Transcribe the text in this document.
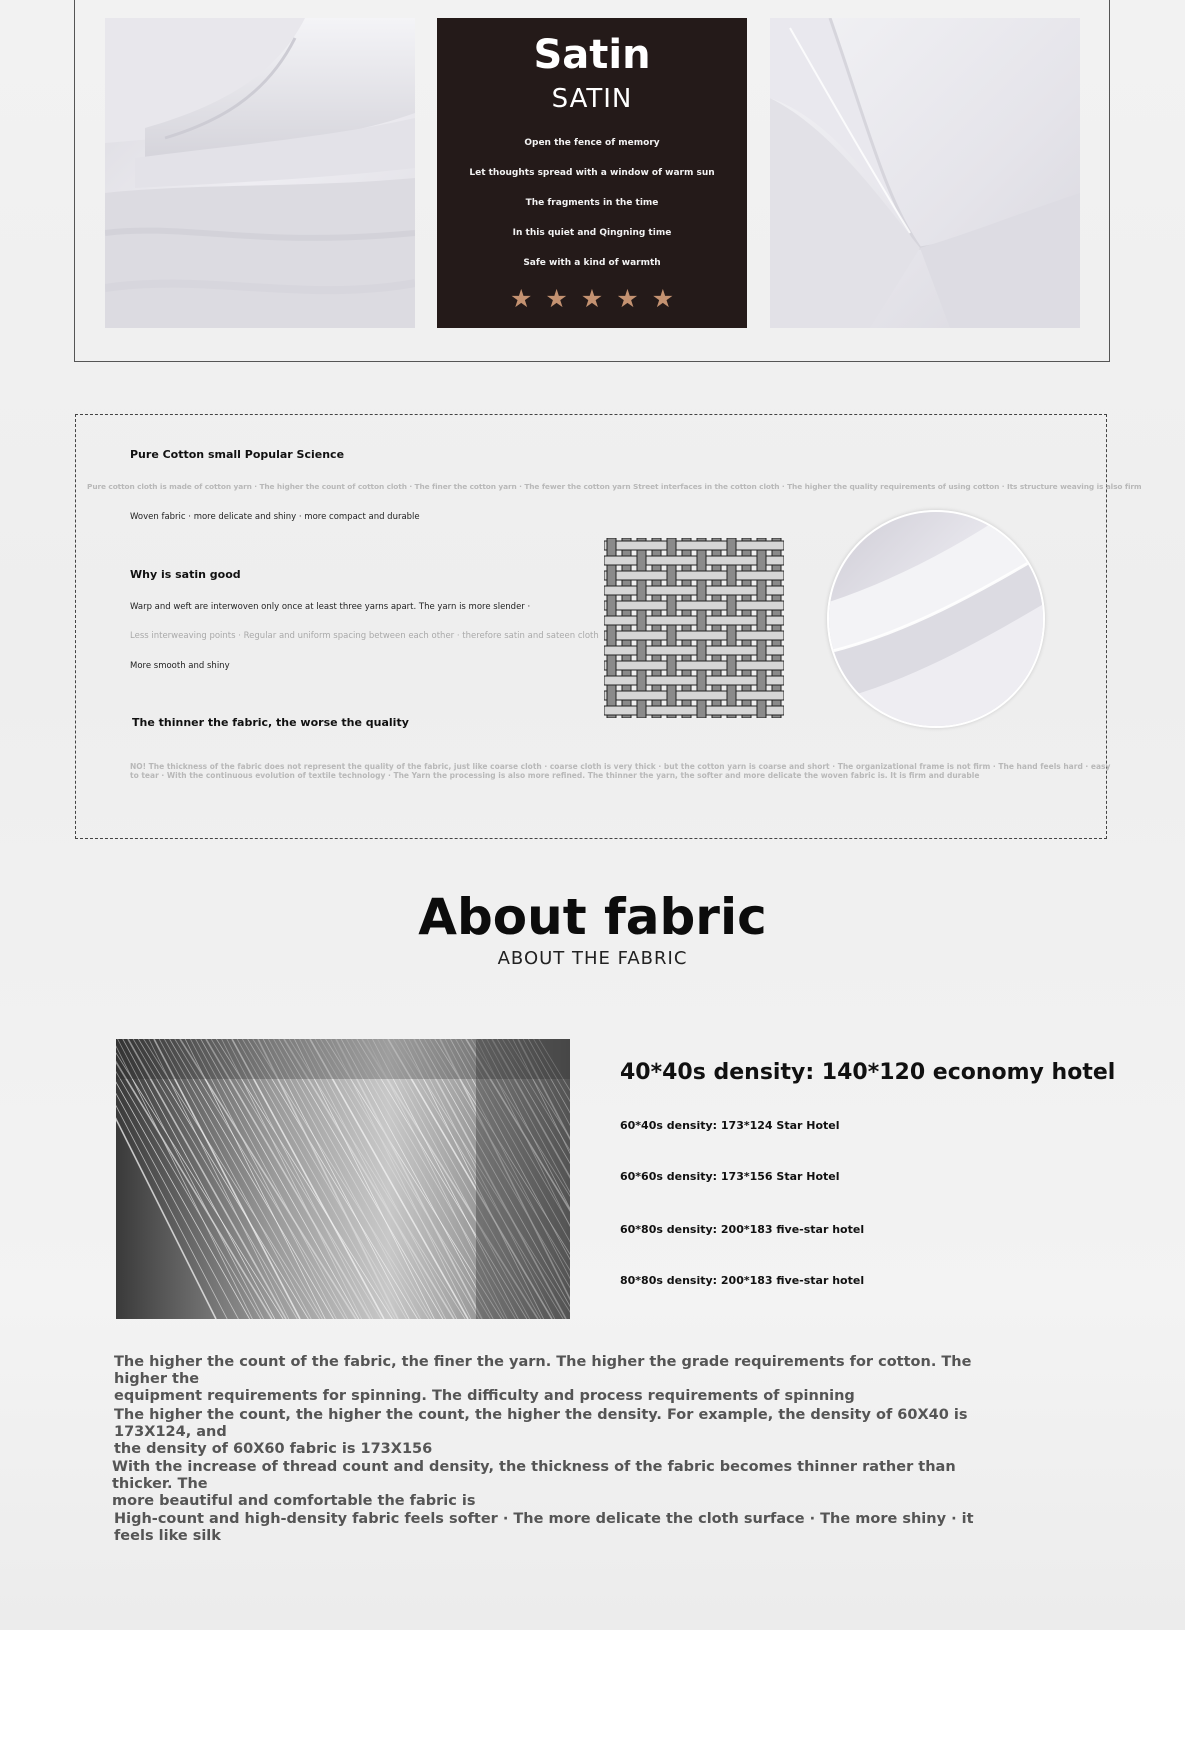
Satin
SATIN
Open the fence of memory
Let thoughts spread with a window of warm sun
The fragments in the time
In this quiet and Qingning time
Safe with a kind of warmth
★ ★ ★ ★ ★
Pure Cotton small Popular Science
Pure cotton cloth is made of cotton yarn · The higher the count of cotton cloth · The finer the cotton yarn · The fewer the cotton yarn Street interfaces in the cotton cloth · The higher the quality requirements of using cotton · Its structure weaving is also firm
Woven fabric · more delicate and shiny · more compact and durable
Why is satin good
Warp and weft are interwoven only once at least three yarns apart. The yarn is more slender ·
Less interweaving points · Regular and uniform spacing between each other · therefore satin and sateen cloth
More smooth and shiny
The thinner the fabric, the worse the quality
NO! The thickness of the fabric does not represent the quality of the fabric, just like coarse cloth · coarse cloth is very thick · but the cotton yarn is coarse and short · The organizational frame is not firm · The hand feels hard · easy
to tear · With the continuous evolution of textile technology · The Yarn the processing is also more refined. The thinner the yarn, the softer and more delicate the woven fabric is. It is firm and durable
About fabric
ABOUT THE FABRIC
40*40s density: 140*120 economy hotel
60*40s density: 173*124 Star Hotel
60*60s density: 173*156 Star Hotel
60*80s density: 200*183 five-star hotel
80*80s density: 200*183 five-star hotel
The higher the count of the fabric, the finer the yarn. The higher the grade requirements for cotton. The higher the
equipment requirements for spinning. The difficulty and process requirements of spinning
The higher the count, the higher the count, the higher the density. For example, the density of 60X40 is 173X124, and
the density of 60X60 fabric is 173X156
With the increase of thread count and density, the thickness of the fabric becomes thinner rather than thicker. The
more beautiful and comfortable the fabric is
High-count and high-density fabric feels softer · The more delicate the cloth surface · The more shiny · it feels like silk
